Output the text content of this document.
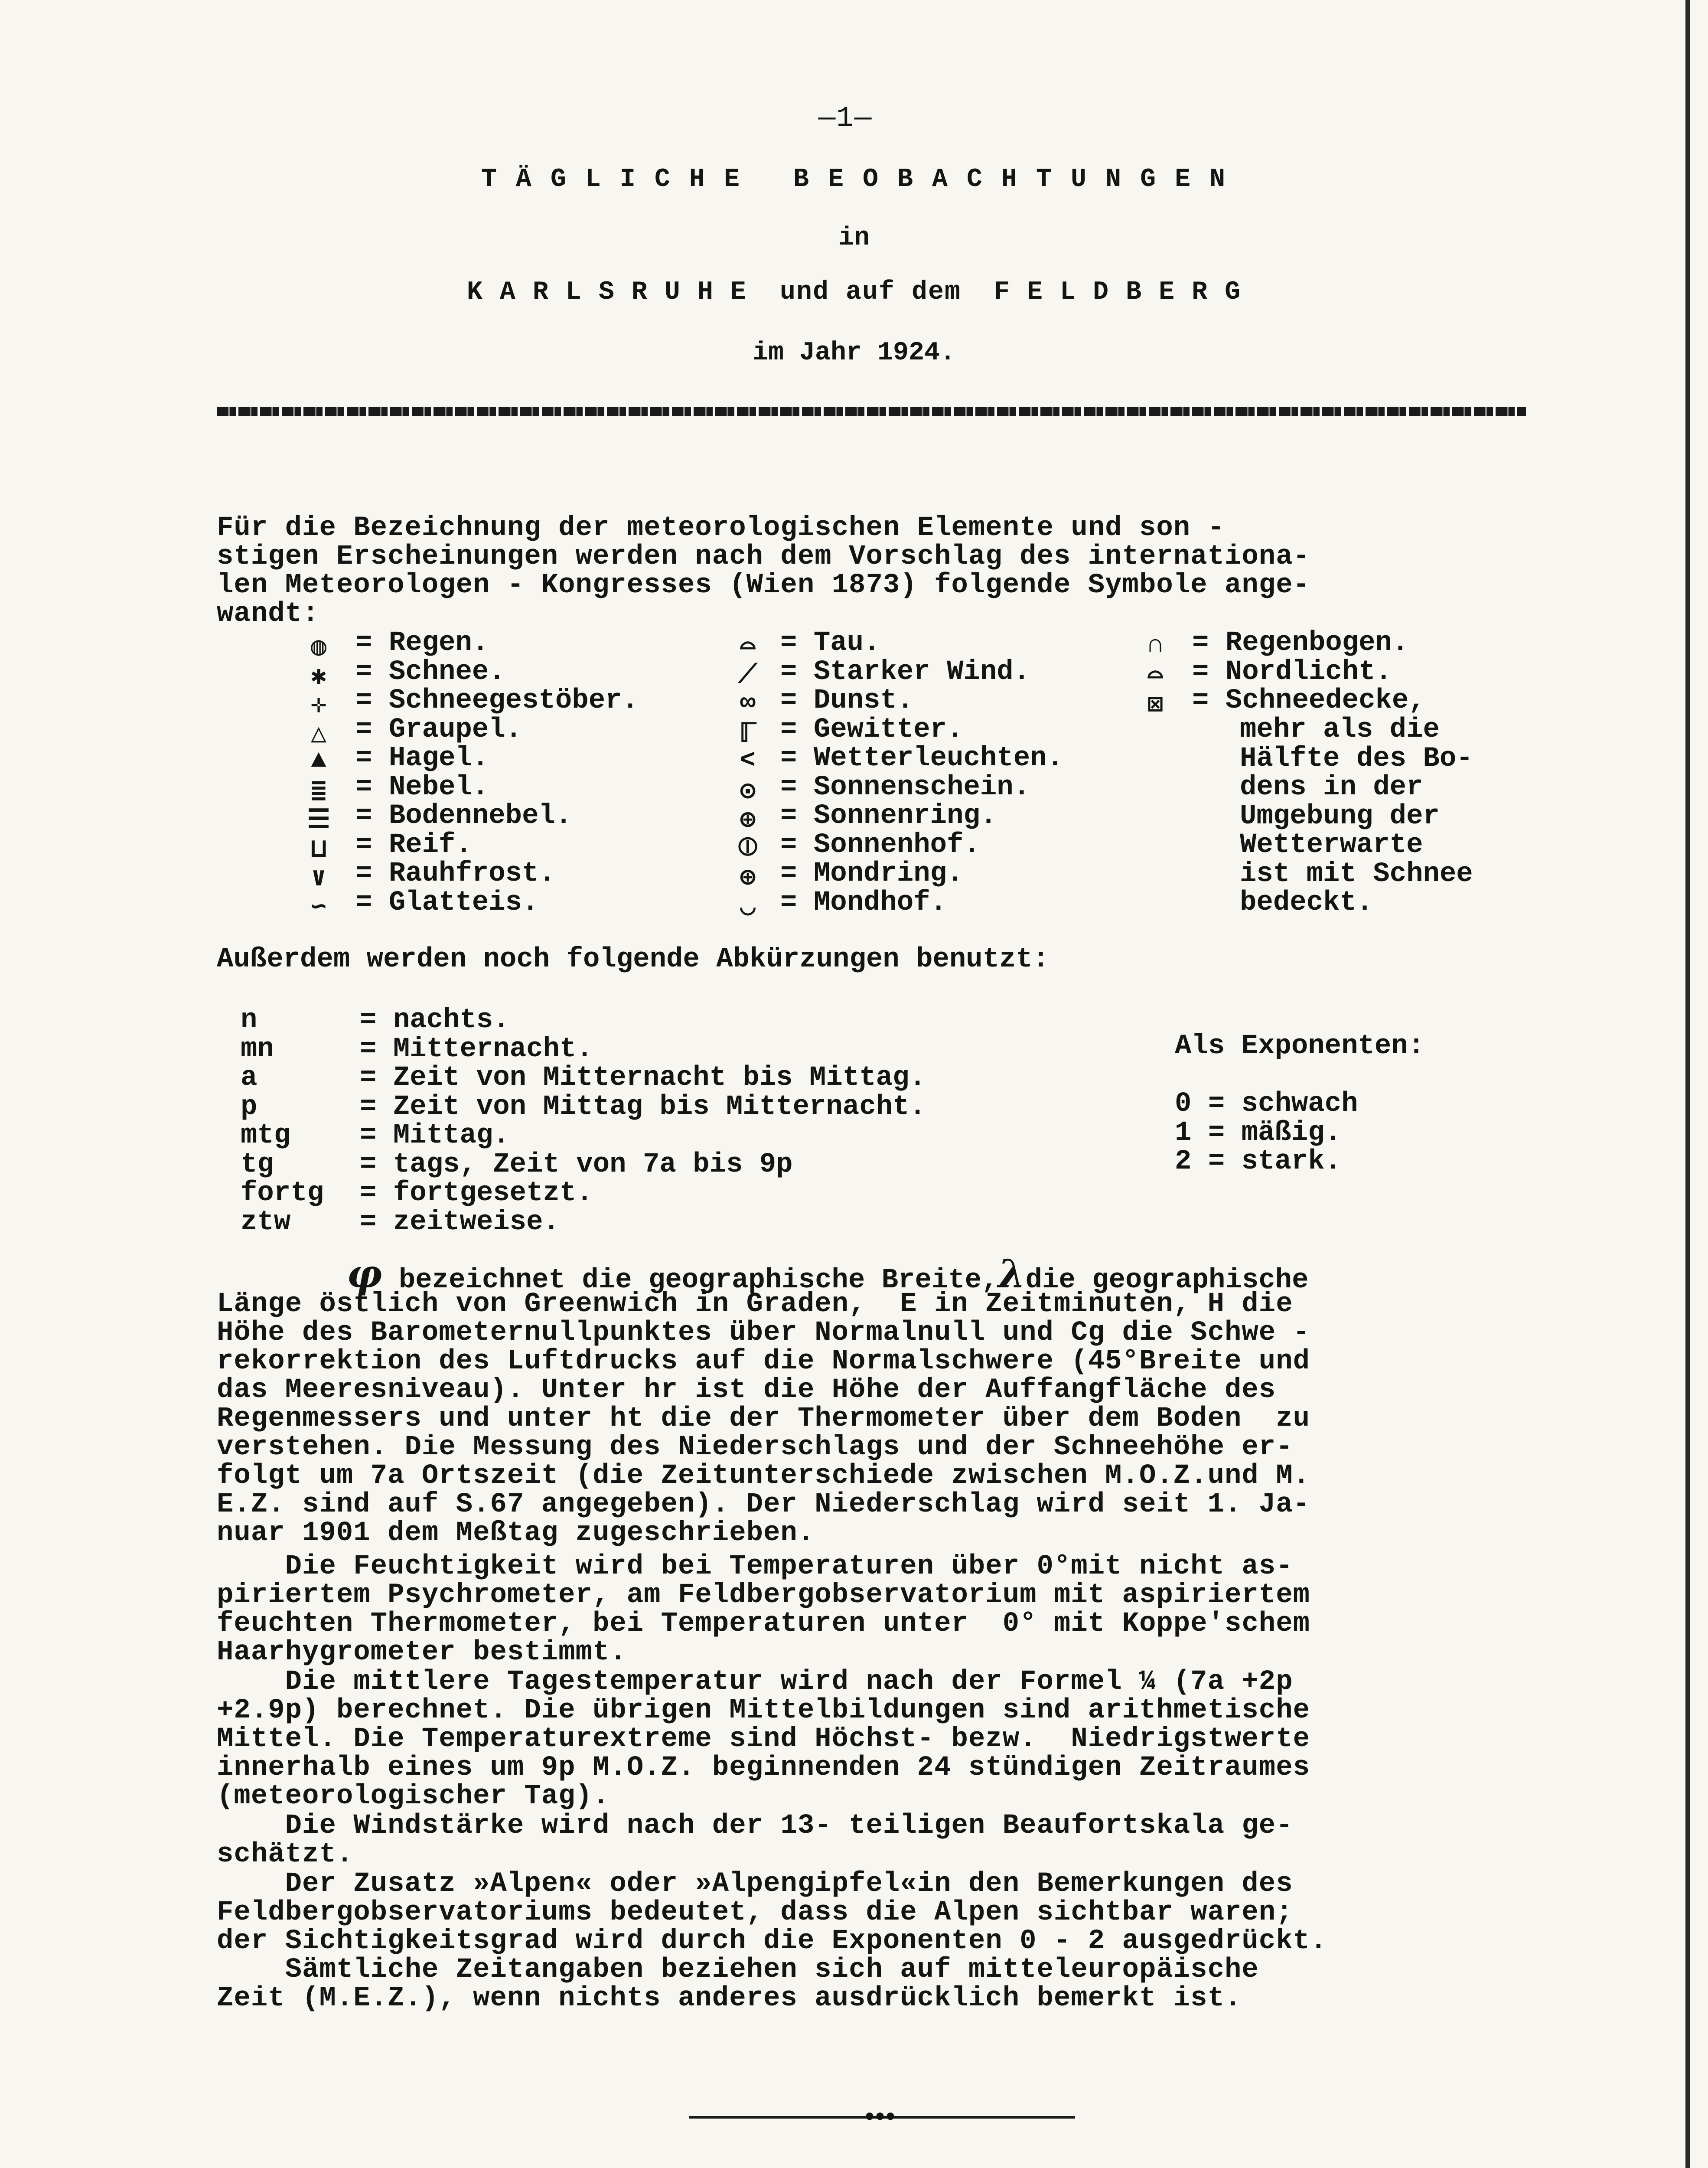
—1—
T Ä G L I C H E   B E O B A C H T U N G E N
in
K A R L S R U H E  und auf dem  F E L D B E R G
im Jahr 1924.
Für die Bezeichnung der meteorologischen Elemente und son -
stigen Erscheinungen werden nach dem Vorschlag des internationa-
len Meteorologen - Kongresses (Wien 1873) folgende Symbole ange-
wandt:
◍
✱
✛
△
▲
≣
☰
⊔
∨
∽
= Regen.
= Schnee.
= Schneegestöber.
= Graupel.
= Hagel.
= Nebel.
= Bodennebel.
= Reif.
= Rauhfrost.
= Glatteis.
⌓
⟋
∞
ℾ
<
⊙
⊕
⦶
⊕
◡
= Tau.
= Starker Wind.
= Dunst.
= Gewitter.
= Wetterleuchten.
= Sonnenschein.
= Sonnenring.
= Sonnenhof.
= Mondring.
= Mondhof.
∩
⌓
⊠
= Regenbogen.
= Nordlicht.
= Schneedecke,
mehr als die
Hälfte des Bo-
dens in der
Umgebung der
Wetterwarte
ist mit Schnee
bedeckt.
Außerdem werden noch folgende Abkürzungen benutzt:
n
mn
a
p
mtg
tg
fortg
ztw
= nachts.
= Mitternacht.
= Zeit von Mitternacht bis Mittag.
= Zeit von Mittag bis Mitternacht.
= Mittag.
= tags, Zeit von 7a bis 9p
= fortgesetzt.
= zeitweise.
Als Exponenten:
0 = schwach
1 = mäßig.
2 = stark.
φ bezeichnet die geographische Breite,λdie geographische
Länge östlich von Greenwich in Graden,  E in Zeitminuten, H die
Höhe des Barometernullpunktes über Normalnull und Cg die Schwe -
rekorrektion des Luftdrucks auf die Normalschwere (45°Breite und
das Meeresniveau). Unter hr ist die Höhe der Auffangfläche des
Regenmessers und unter ht die der Thermometer über dem Boden  zu
verstehen. Die Messung des Niederschlags und der Schneehöhe er-
folgt um 7a Ortszeit (die Zeitunterschiede zwischen M.O.Z.und M.
E.Z. sind auf S.67 angegeben). Der Niederschlag wird seit 1. Ja-
nuar 1901 dem Meßtag zugeschrieben.
Die Feuchtigkeit wird bei Temperaturen über 0°mit nicht as-
piriertem Psychrometer, am Feldbergobservatorium mit aspiriertem
feuchten Thermometer, bei Temperaturen unter  0° mit Koppe'schem
Haarhygrometer bestimmt.
Die mittlere Tagestemperatur wird nach der Formel ¼ (7a +2p
+2.9p) berechnet. Die übrigen Mittelbildungen sind arithmetische
Mittel. Die Temperaturextreme sind Höchst- bezw.  Niedrigstwerte
innerhalb eines um 9p M.O.Z. beginnenden 24 stündigen Zeitraumes
(meteorologischer Tag).
Die Windstärke wird nach der 13- teiligen Beaufortskala ge-
schätzt.
Der Zusatz »Alpen« oder »Alpengipfel«in den Bemerkungen des
Feldbergobservatoriums bedeutet, dass die Alpen sichtbar waren;
der Sichtigkeitsgrad wird durch die Exponenten 0 - 2 ausgedrückt.
Sämtliche Zeitangaben beziehen sich auf mitteleuropäische
Zeit (M.E.Z.), wenn nichts anderes ausdrücklich bemerkt ist.
●●●
